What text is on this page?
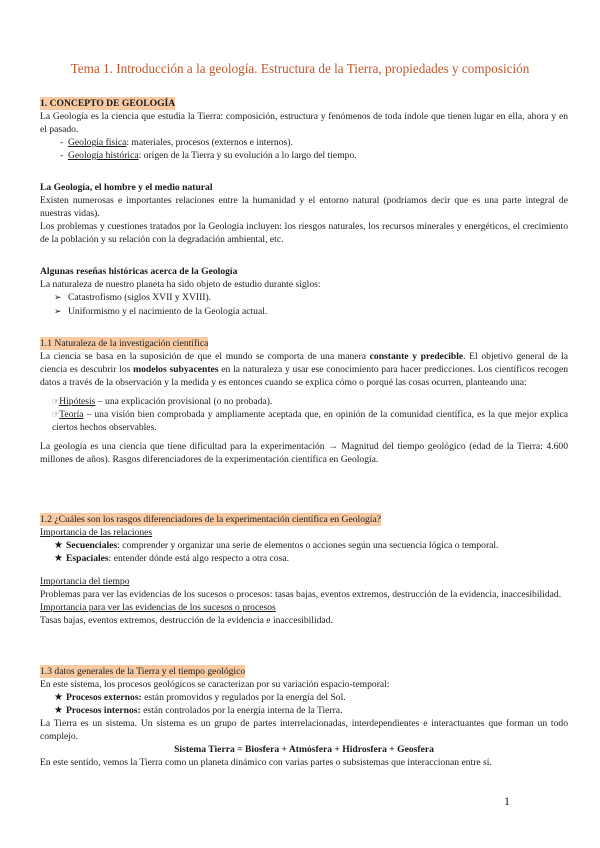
Tema 1. Introducción a la geología. Estructura de la Tierra, propiedades y composición
1. CONCEPTO DE GEOLOGÍA

La Geología es la ciencia que estudia la Tierra: composición, estructura y fenómenos de toda índole que tienen lugar en ella, ahora y en el pasado.

- Geología física: materiales, procesos (externos e internos).
- Geología histórica: origen de la Tierra y su evolución a lo largo del tiempo.
La Geología, el hombre y el medio natural

Existen numerosas e importantes relaciones entre la humanidad y el entorno natural (podríamos decir que es una parte integral de nuestras vidas).

Los problemas y cuestiones tratados por la Geología incluyen: los riesgos naturales, los recursos minerales y energéticos, el crecimiento de la población y su relación con la degradación ambiental, etc.

Algunas reseñas históricas acerca de la Geología

La naturaleza de nuestro planeta ha sido objeto de estudio durante siglos:

➢ Catastrofismo (siglos XVII y XVIII).
➢ Uniformismo y el nacimiento de la Geología actual.
1.1 Naturaleza de la investigación científica

La ciencia se basa en la suposición de que el mundo se comporta de una manera constante y predecible. El objetivo general de la ciencia es descubrir los modelos subyacentes en la naturaleza y usar ese conocimiento para hacer predicciones. Los científicos recogen datos a través de la observación y la medida y es entonces cuando se explica cómo o porqué las cosas ocurren, planteando una:

☞Hipótesis – una explicación provisional (o no probada).

☞Teoría – una visión bien comprobada y ampliamente aceptada que, en opinión de la comunidad científica, es la que mejor explica ciertos hechos observables.

La geología es una ciencia que tiene dificultad para la experimentación → Magnitud del tiempo geológico (edad de la Tierra: 4.600 millones de años). Rasgos diferenciadores de la experimentación científica en Geología.

1.2 ¿Cuáles son los rasgos diferenciadores de la experimentación científica en Geología?
Importancia de las relaciones
★ Secuenciales: comprender y organizar una serie de elementos o acciones según una secuencia lógica o temporal.
★ Espaciales: entender dónde está algo respecto a otra cosa.
Importancia del tiempo

Problemas para ver las evidencias de los sucesos o procesos: tasas bajas, eventos extremos, destrucción de la evidencia, inaccesibilidad.

Importancia para ver las evidencias de los sucesos o procesos

Tasas bajas, eventos extremos, destrucción de la evidencia e inaccesibilidad.

1.3 datos generales de la Tierra y el tiempo geológico

En este sistema, los procesos geológicos se caracterizan por su variación espacio-temporal:

★ Procesos externos: están promovidos y regulados por la energía del Sol.
★ Procesos internos: están controlados por la energía interna de la Tierra.

La Tierra es un sistema. Un sistema es un grupo de partes interrelacionadas, interdependientes e interactuantes que forman un todo complejo.

Sistema Tierra = Biosfera + Atmósfera + Hidrosfera + Geosfera

En este sentido, vemos la Tierra como un planeta dinámico con varias partes o subsistemas que interaccionan entre sí.

1
